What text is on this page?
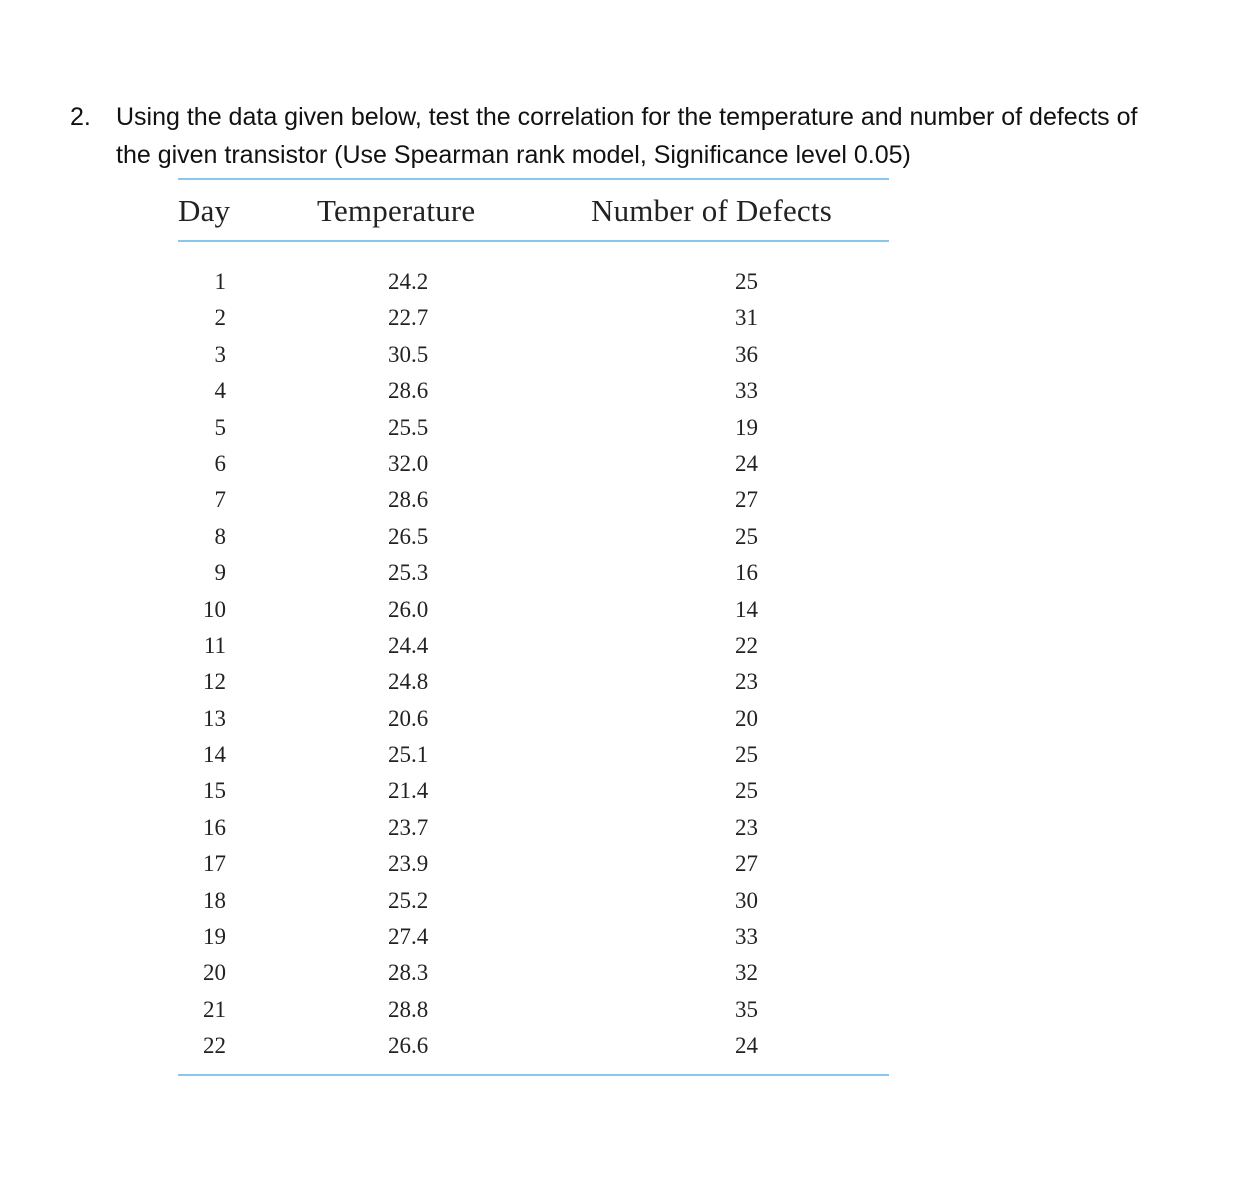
2. Using the data given below, test the correlation for the temperature and number of defects of
the given transistor (Use Spearman rank model, Significance level 0.05)
Day	Temperature	Number of Defects
1	24.2	25
2	22.7	31
3	30.5	36
4	28.6	33
5	25.5	19
6	32.0	24
7	28.6	27
8	26.5	25
9	25.3	16
10	26.0	14
11	24.4	22
12	24.8	23
13	20.6	20
14	25.1	25
15	21.4	25
16	23.7	23
17	23.9	27
18	25.2	30
19	27.4	33
20	28.3	32
21	28.8	35
22	26.6	24
